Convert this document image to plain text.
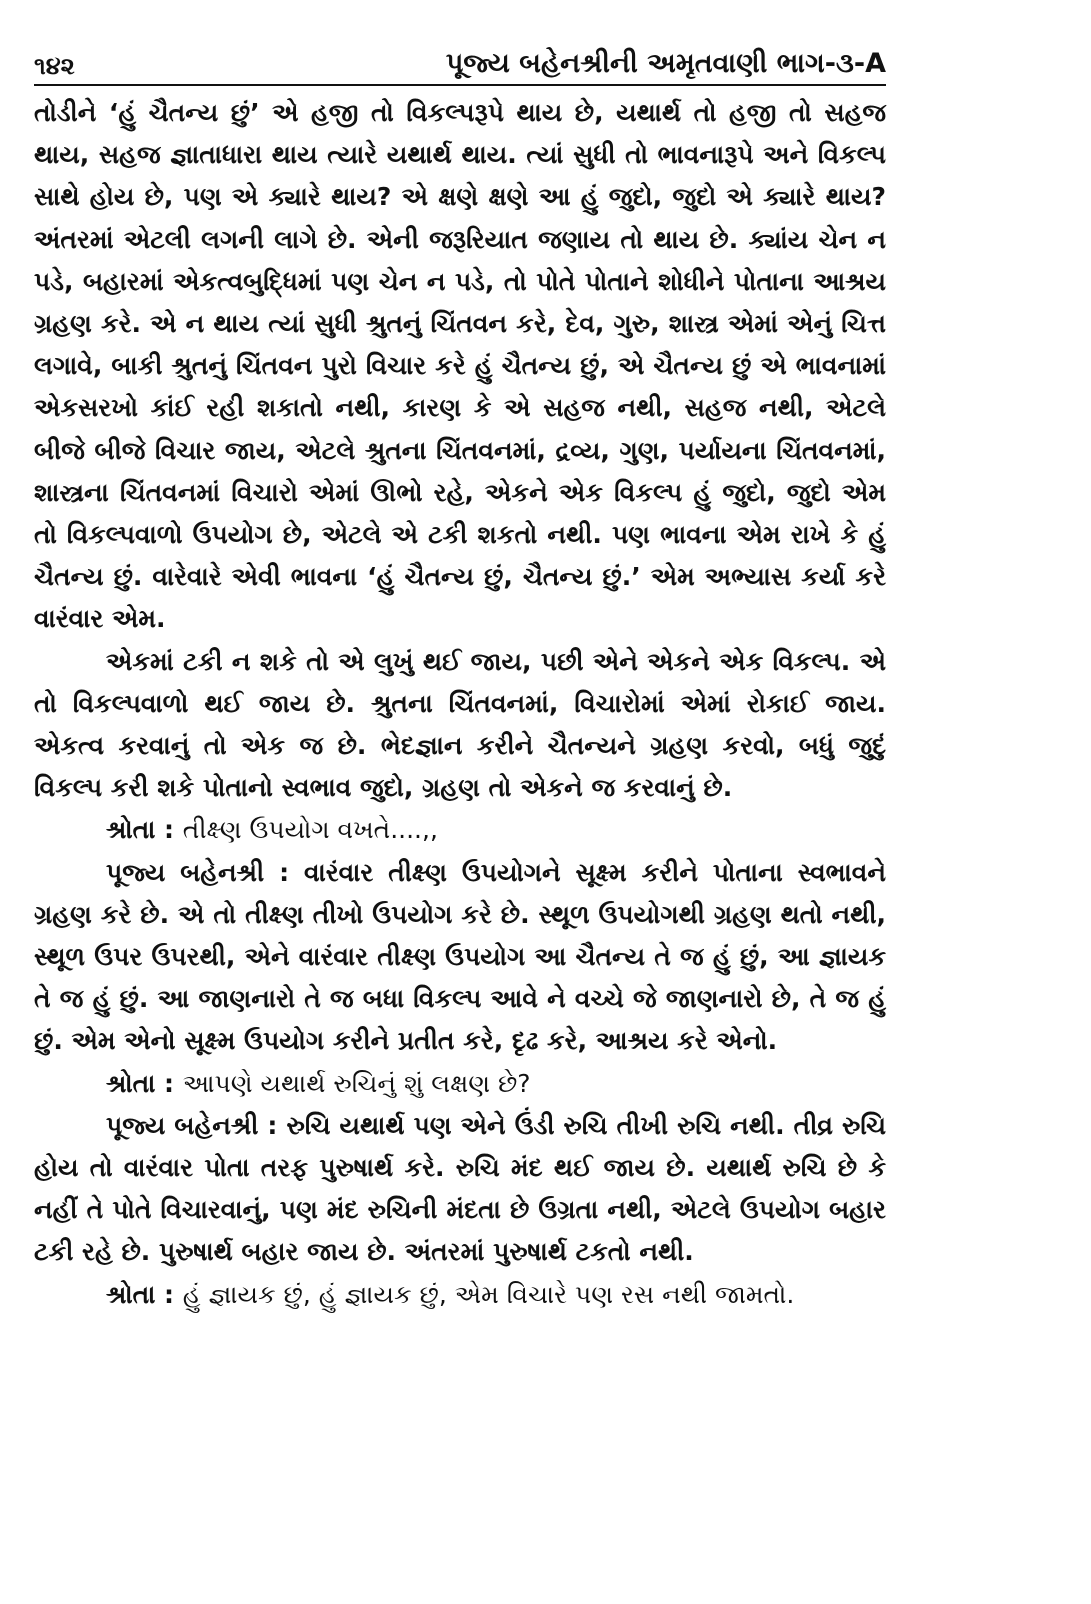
૧૪૨	પૂજ્ય બહેનશ્રીની અમૃતવાણી ભાગ-૩-A

તોડીને ‘હું ચૈતન્ય છું’ એ હજી તો વિકલ્પરૂપે થાય છે, યથાર્થ તો હજી તો સહજ થાય, સહજ જ્ઞાતાધારા થાય ત્યારે યથાર્થ થાય. ત્યાં સુધી તો ભાવનારૂપે અને વિકલ્પ સાથે હોય છે, પણ એ ક્યારે થાય? એ ક્ષણે ક્ષણે આ હું જુદો, જુદો એ ક્યારે થાય? અંતરમાં એટલી લગની લાગે છે. એની જરૂરિયાત જણાય તો થાય છે. ક્યાંય ચેન ન પડે, બહારમાં એકત્વબુદ્ધિમાં પણ ચેન ન પડે, તો પોતે પોતાને શોધીને પોતાના આશ્રય ગ્રહણ કરે. એ ન થાય ત્યાં સુધી શ્રુતનું ચિંતવન કરે, દેવ, ગુરુ, શાસ્ત્ર એમાં એનું ચિત્ત લગાવે, બાકી શ્રુતનું ચિંતવન પુરો વિચાર કરે હું ચૈતન્ય છું, એ ચૈતન્ય છું એ ભાવનામાં એકસરખો કાંઈ રહી શકાતો નથી, કારણ કે એ સહજ નથી, સહજ નથી, એટલે બીજે બીજે વિચાર જાય, એટલે શ્રુતના ચિંતવનમાં, દ્રવ્ય, ગુણ, પર્યાયના ચિંતવનમાં, શાસ્ત્રના ચિંતવનમાં વિચારો એમાં ઊભો રહે, એકને એક વિકલ્પ હું જુદો, જુદો એમ તો વિકલ્પવાળો ઉપયોગ છે, એટલે એ ટકી શકતો નથી. પણ ભાવના એમ રાખે કે હું ચૈતન્ય છું. વારેવારે એવી ભાવના ‘હું ચૈતન્ય છું, ચૈતન્ય છું.’ એમ અભ્યાસ કર્યા કરે વારંવાર એમ.

એકમાં ટકી ન શકે તો એ લુખું થઈ જાય, પછી એને એકને એક વિકલ્પ. એ તો વિકલ્પવાળો થઈ જાય છે. શ્રુતના ચિંતવનમાં, વિચારોમાં એમાં રોકાઈ જાય. એકત્વ કરવાનું તો એક જ છે. ભેદજ્ઞાન કરીને ચૈતન્યને ગ્રહણ કરવો, બધું જુદું વિકલ્પ કરી શકે પોતાનો સ્વભાવ જુદો, ગ્રહણ તો એકને જ કરવાનું છે.

શ્રોતા : તીક્ષ્ણ ઉપયોગ વખતે....,,

પૂજ્ય બહેનશ્રી : વારંવાર તીક્ષ્ણ ઉપયોગને સૂક્ષ્મ કરીને પોતાના સ્વભાવને ગ્રહણ કરે છે. એ તો તીક્ષ્ણ તીખો ઉપયોગ કરે છે. સ્થૂળ ઉપયોગથી ગ્રહણ થતો નથી, સ્થૂળ ઉપર ઉપરથી, એને વારંવાર તીક્ષ્ણ ઉપયોગ આ ચૈતન્ય તે જ હું છું, આ જ્ઞાયક તે જ હું છું. આ જાણનારો તે જ બધા વિકલ્પ આવે ને વચ્ચે જે જાણનારો છે, તે જ હું છું. એમ એનો સૂક્ષ્મ ઉપયોગ કરીને પ્રતીત કરે, દૃઢ કરે, આશ્રય કરે એનો.

શ્રોતા : આપણે યથાર્થ રુચિનું શું લક્ષણ છે?

પૂજ્ય બહેનશ્રી : રુચિ યથાર્થ પણ એને ઉંડી રુચિ તીખી રુચિ નથી. તીવ્ર રુચિ હોય તો વારંવાર પોતા તરફ પુરુષાર્થ કરે. રુચિ મંદ થઈ જાય છે. યથાર્થ રુચિ છે કે નહીં તે પોતે વિચારવાનું, પણ મંદ રુચિની મંદતા છે ઉગ્રતા નથી, એટલે ઉપયોગ બહાર ટકી રહે છે. પુરુષાર્થ બહાર જાય છે. અંતરમાં પુરુષાર્થ ટકતો નથી.

શ્રોતા : હું જ્ઞાયક છું, હું જ્ઞાયક છું, એમ વિચારે પણ રસ નથી જામતો.
